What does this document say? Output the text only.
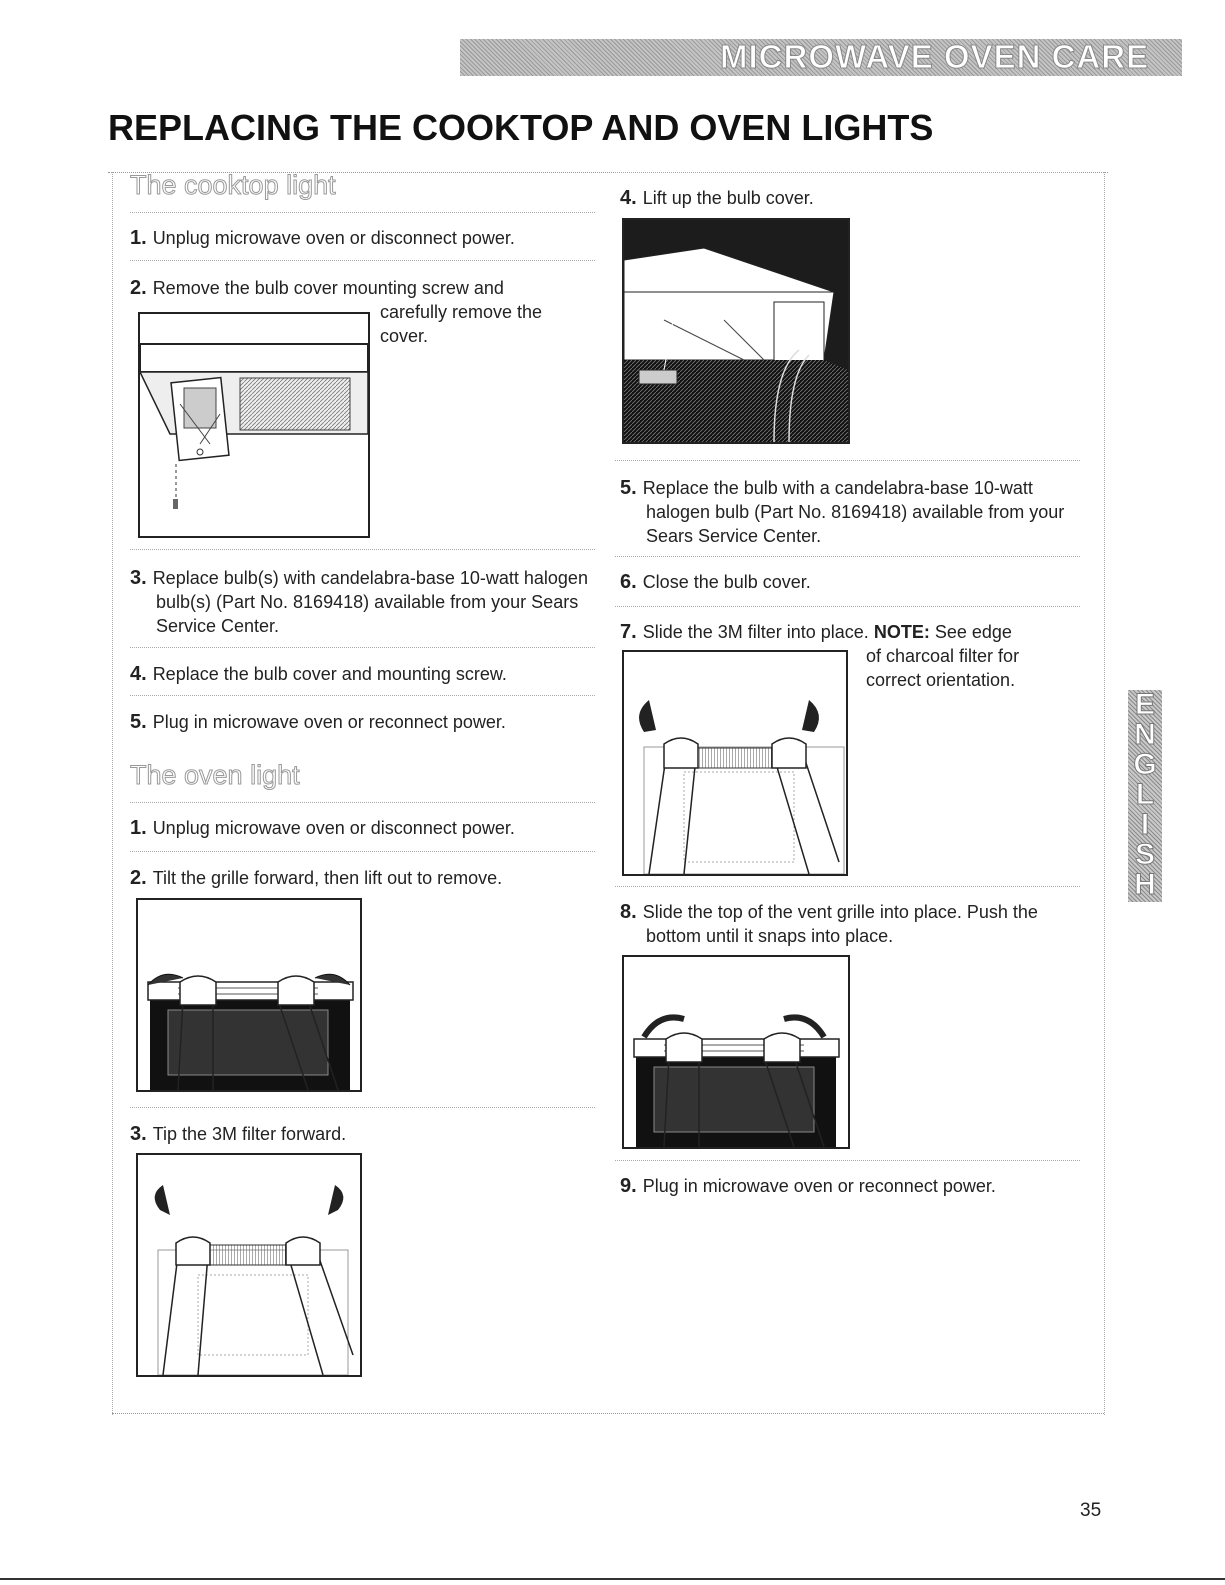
MICROWAVE OVEN CARE
REPLACING THE COOKTOP AND OVEN LIGHTS
The cooktop light
1. Unplug microwave oven or disconnect power.
2. Remove the bulb cover mounting screw and
carefully remove the cover.
3. Replace bulb(s) with candelabra-base 10-watt halogen bulb(s) (Part No. 8169418) available from your Sears Service Center.
4. Replace the bulb cover and mounting screw.
5. Plug in microwave oven or reconnect power.
The oven light
1. Unplug microwave oven or disconnect power.
2. Tilt the grille forward, then lift out to remove.
3. Tip the 3M filter forward.
4. Lift up the bulb cover.
Bulb cover
5. Replace the bulb with a candelabra-base 10-watt halogen bulb (Part No. 8169418) available from your Sears Service Center.
6. Close the bulb cover.
7. Slide the 3M filter into place. NOTE: See edge
of charcoal filter for correct orientation.
8. Slide the top of the vent grille into place. Push the bottom until it snaps into place.
9. Plug in microwave oven or reconnect power.
E
N
G
L
I
S
H
35
